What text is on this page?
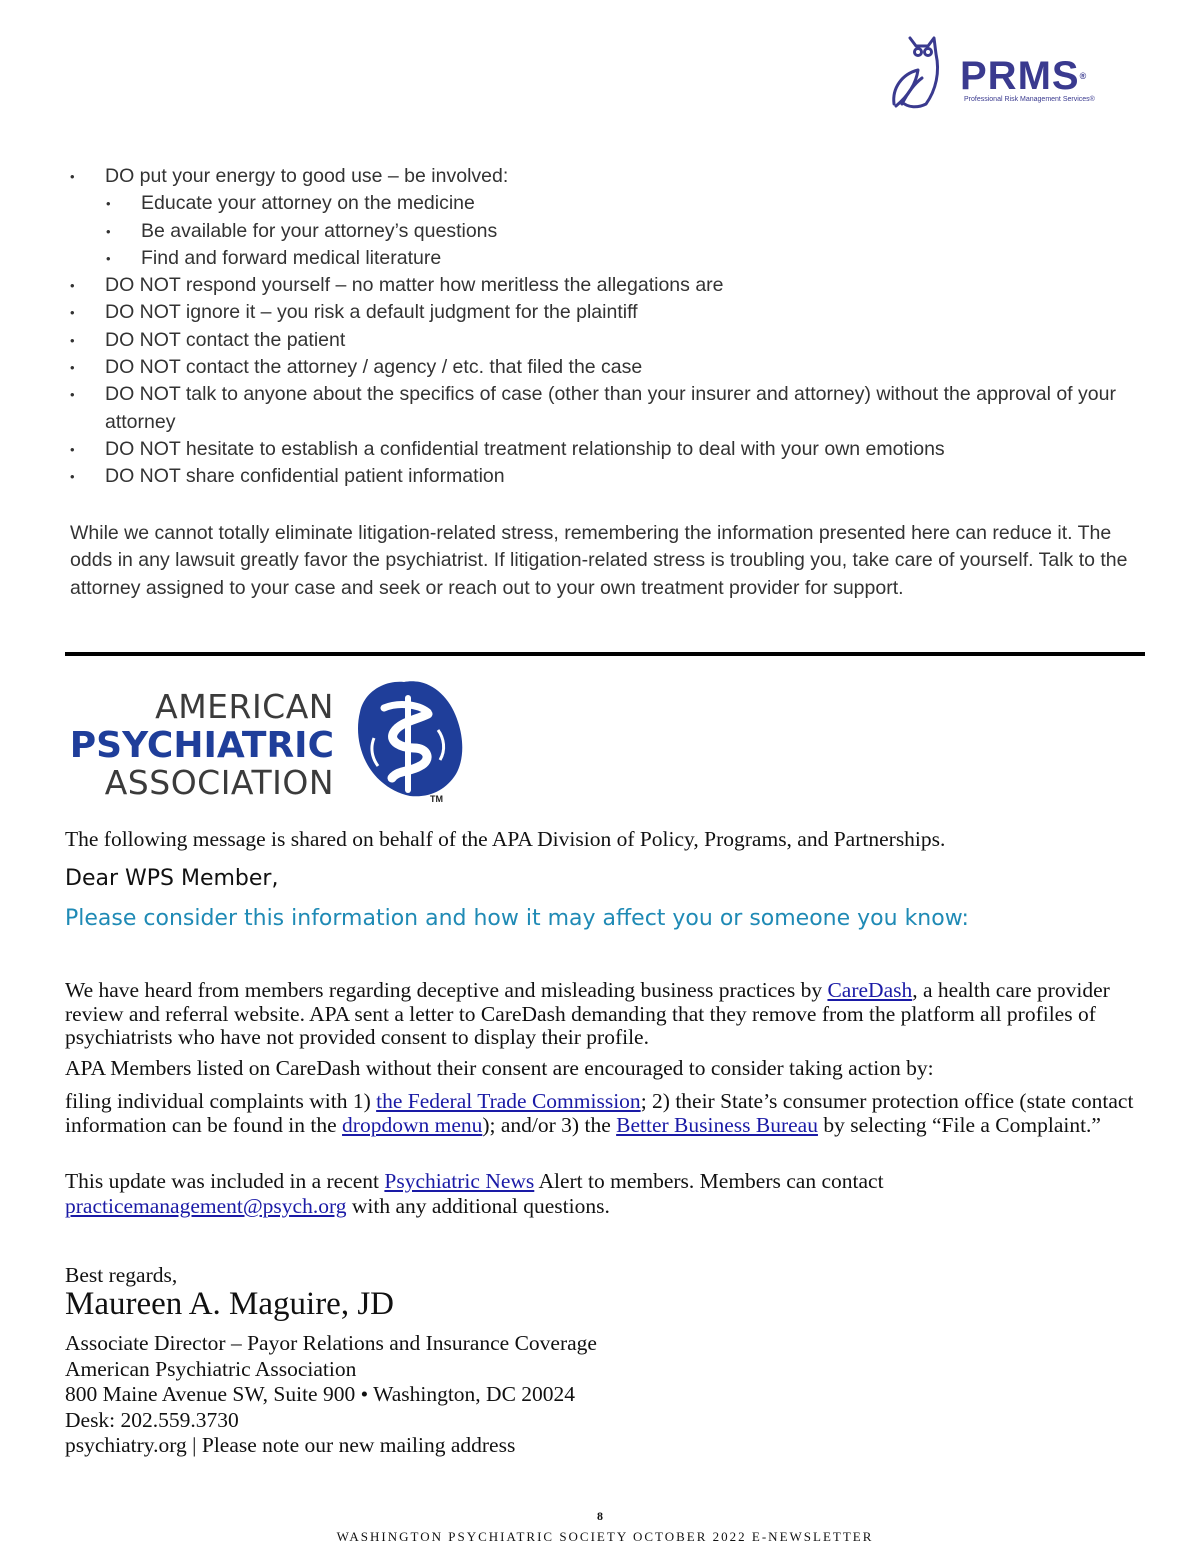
PRMS®
Professional Risk Management Services®
• DO put your energy to good use – be involved:
• Educate your attorney on the medicine
• Be available for your attorney’s questions
• Find and forward medical literature
• DO NOT respond yourself – no matter how meritless the allegations are
• DO NOT ignore it – you risk a default judgment for the plaintiff
• DO NOT contact the patient
• DO NOT contact the attorney / agency / etc. that filed the case
• DO NOT talk to anyone about the specifics of case (other than your insurer and attorney) without the approval of your attorney
• DO NOT hesitate to establish a confidential treatment relationship to deal with your own emotions
• DO NOT share confidential patient information
While we cannot totally eliminate litigation-related stress, remembering the information presented here can reduce it. The odds in any lawsuit greatly favor the psychiatrist. If litigation-related stress is troubling you, take care of yourself. Talk to the attorney assigned to your case and seek or reach out to your own treatment provider for support.
AMERICAN
PSYCHIATRIC
ASSOCIATION	TM
The following message is shared on behalf of the APA Division of Policy, Programs, and Partnerships.
Dear WPS Member,
Please consider this information and how it may affect you or someone you know:
We have heard from members regarding deceptive and misleading business practices by CareDash, a health care provider review and referral website. APA sent a letter to CareDash demanding that they remove from the platform all profiles of psychiatrists who have not provided consent to display their profile.
APA Members listed on CareDash without their consent are encouraged to consider taking action by:
filing individual complaints with 1) the Federal Trade Commission; 2) their State’s consumer protection office (state contact information can be found in the dropdown menu); and/or 3) the Better Business Bureau by selecting “File a Complaint.”
This update was included in a recent Psychiatric News Alert to members. Members can contact practicemanagement@psych.org with any additional questions.
Best regards,
Maureen A. Maguire, JD
Associate Director – Payor Relations and Insurance Coverage
American Psychiatric Association
800 Maine Avenue SW, Suite 900 • Washington, DC 20024
Desk: 202.559.3730
psychiatry.org | Please note our new mailing address
8
WASHINGTON PSYCHIATRIC SOCIETY OCTOBER 2022 E-NEWSLETTER
